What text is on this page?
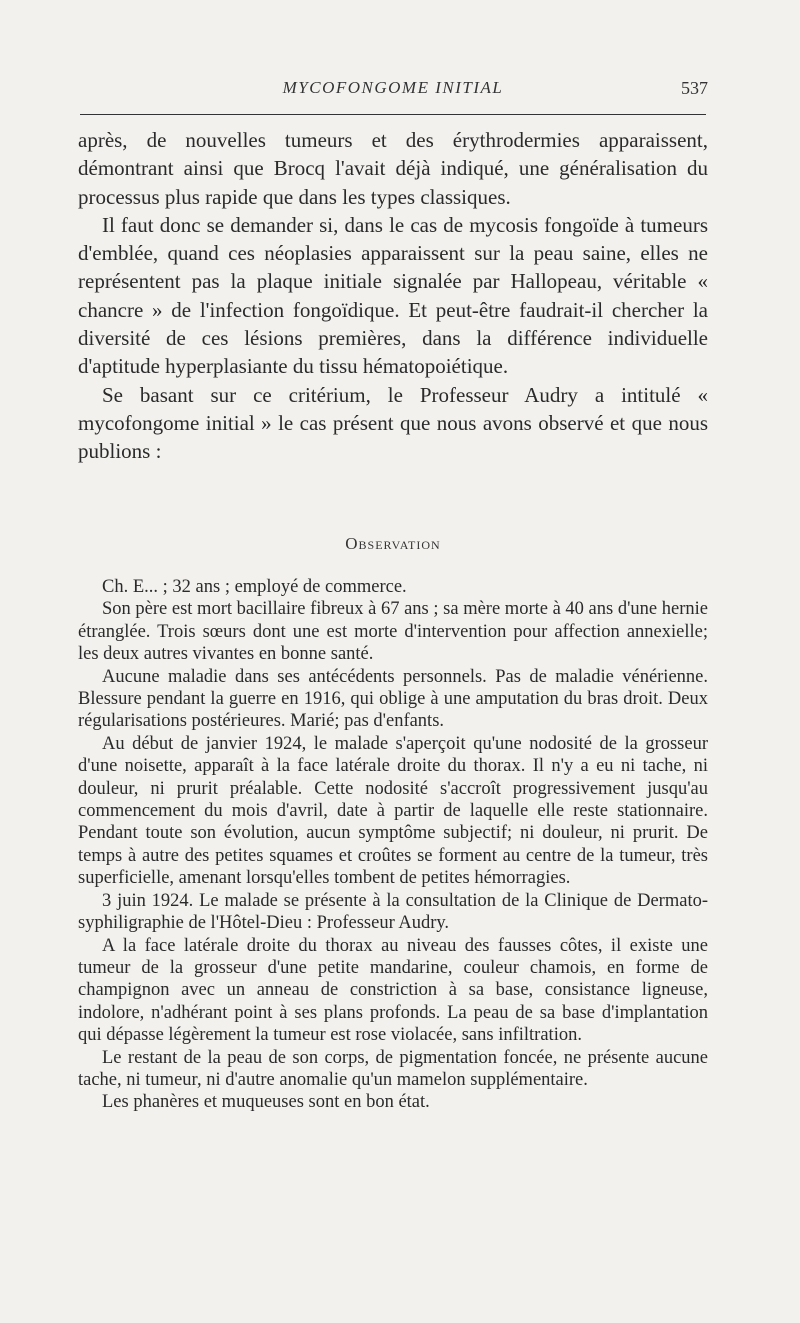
MYCOFONGOME INITIAL	537

après, de nouvelles tumeurs et des érythrodermies apparaissent, démontrant ainsi que Brocq l'avait déjà indiqué, une généralisation du processus plus rapide que dans les types classiques.

Il faut donc se demander si, dans le cas de mycosis fongoïde à tumeurs d'emblée, quand ces néoplasies apparaissent sur la peau saine, elles ne représentent pas la plaque initiale signalée par Hallopeau, véritable « chancre » de l'infection fongoïdique. Et peut-être faudrait-il chercher la diversité de ces lésions premières, dans la différence individuelle d'aptitude hyperplasiante du tissu hématopoiétique.

Se basant sur ce critérium, le Professeur Audry a intitulé « mycofongome initial » le cas présent que nous avons observé et que nous publions :

Observation

Ch. E... ; 32 ans ; employé de commerce.

Son père est mort bacillaire fibreux à 67 ans ; sa mère morte à 40 ans d'une hernie étranglée. Trois sœurs dont une est morte d'intervention pour affection annexielle; les deux autres vivantes en bonne santé.

Aucune maladie dans ses antécédents personnels. Pas de maladie vénérienne. Blessure pendant la guerre en 1916, qui oblige à une amputation du bras droit. Deux régularisations postérieures. Marié; pas d'enfants.

Au début de janvier 1924, le malade s'aperçoit qu'une nodosité de la grosseur d'une noisette, apparaît à la face latérale droite du thorax. Il n'y a eu ni tache, ni douleur, ni prurit préalable. Cette nodosité s'accroît progressivement jusqu'au commencement du mois d'avril, date à partir de laquelle elle reste stationnaire. Pendant toute son évolution, aucun symptôme subjectif; ni douleur, ni prurit. De temps à autre des petites squames et croûtes se forment au centre de la tumeur, très superficielle, amenant lorsqu'elles tombent de petites hémorragies.

3 juin 1924. Le malade se présente à la consultation de la Clinique de Dermato-syphiligraphie de l'Hôtel-Dieu : Professeur Audry.

A la face latérale droite du thorax au niveau des fausses côtes, il existe une tumeur de la grosseur d'une petite mandarine, couleur chamois, en forme de champignon avec un anneau de constriction à sa base, consistance ligneuse, indolore, n'adhérant point à ses plans profonds. La peau de sa base d'implantation qui dépasse légèrement la tumeur est rose violacée, sans infiltration.

Le restant de la peau de son corps, de pigmentation foncée, ne présente aucune tache, ni tumeur, ni d'autre anomalie qu'un mamelon supplémentaire.

Les phanères et muqueuses sont en bon état.
